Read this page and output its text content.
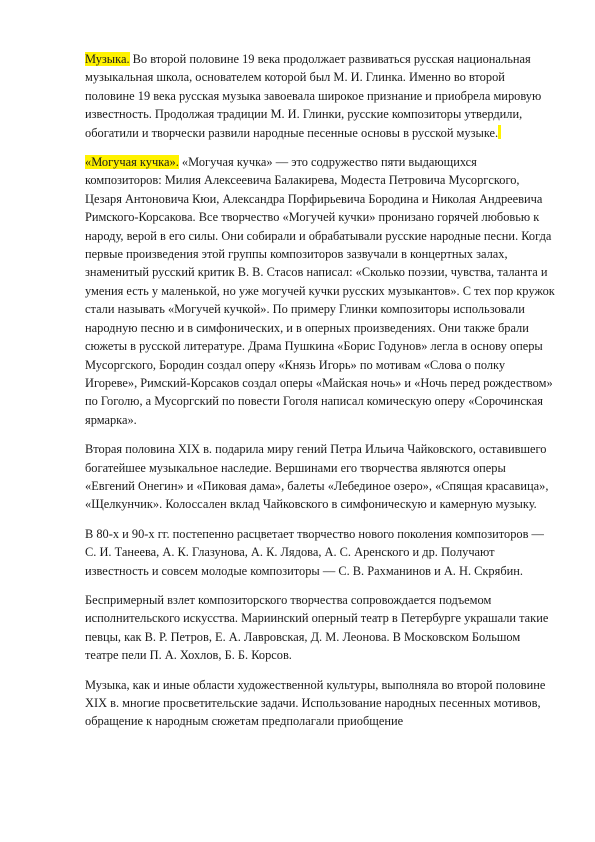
Музыка. Во второй половине 19 века продолжает развиваться русская национальная музыкальная школа, основателем которой был М. И. Глинка. Именно во второй половине 19 века русская музыка завоевала широкое признание и приобрела мировую известность. Продолжая традиции М. И. Глинки, русские композиторы утвердили, обогатили и творчески развили народные песенные основы в русской музыке.

«Могучая кучка». «Могучая кучка» — это содружество пяти выдающихся композиторов: Милия Алексеевича Балакирева, Модеста Петровича Мусоргского, Цезаря Антоновича Кюи, Александра Порфирьевича Бородина и Николая Андреевича Римского-Корсакова. Все творчество «Могучей кучки» пронизано горячей любовью к народу, верой в его силы. Они собирали и обрабатывали русские народные песни. Когда первые произведения этой группы композиторов зазвучали в концертных залах, знаменитый русский критик В. В. Стасов написал: «Сколько поэзии, чувства, таланта и умения есть у маленькой, но уже могучей кучки русских музыкантов». С тех пор кружок стали называть «Могучей кучкой». По примеру Глинки композиторы использовали народную песню и в симфонических, и в оперных произведениях. Они также брали сюжеты в русской литературе. Драма Пушкина «Борис Годунов» легла в основу оперы Мусоргского, Бородин создал оперу «Князь Игорь» по мотивам «Слова о полку Игореве», Римский-Корсаков создал оперы «Майская ночь» и «Ночь перед рождеством» по Гоголю, а Мусоргский по повести Гоголя написал комическую оперу «Сорочинская ярмарка».

Вторая половина XIX в. подарила миру гений Петра Ильича Чайковского, оставившего богатейшее музыкальное наследие. Вершинами его творчества являются оперы «Евгений Онегин» и «Пиковая дама», балеты «Лебединое озеро», «Спящая красавица», «Щелкунчик». Колоссален вклад Чайковского в симфоническую и камерную музыку.

В 80-х и 90-х гг. постепенно расцветает творчество нового поколения композиторов — С. И. Танеева, А. К. Глазунова, А. К. Лядова, А. С. Аренского и др. Получают известность и совсем молодые композиторы — С. В. Рахманинов и А. Н. Скрябин.

Беспримерный взлет композиторского творчества сопровождается подъемом исполнительского искусства. Мариинский оперный театр в Петербурге украшали такие певцы, как В. Р. Петров, Е. А. Лавровская, Д. М. Леонова. В Московском Большом театре пели П. А. Хохлов, Б. Б. Корсов.

Музыка, как и иные области художественной культуры, выполняла во второй половине XIX в. многие просветительские задачи. Использование народных песенных мотивов, обращение к народным сюжетам предполагали приобщение
